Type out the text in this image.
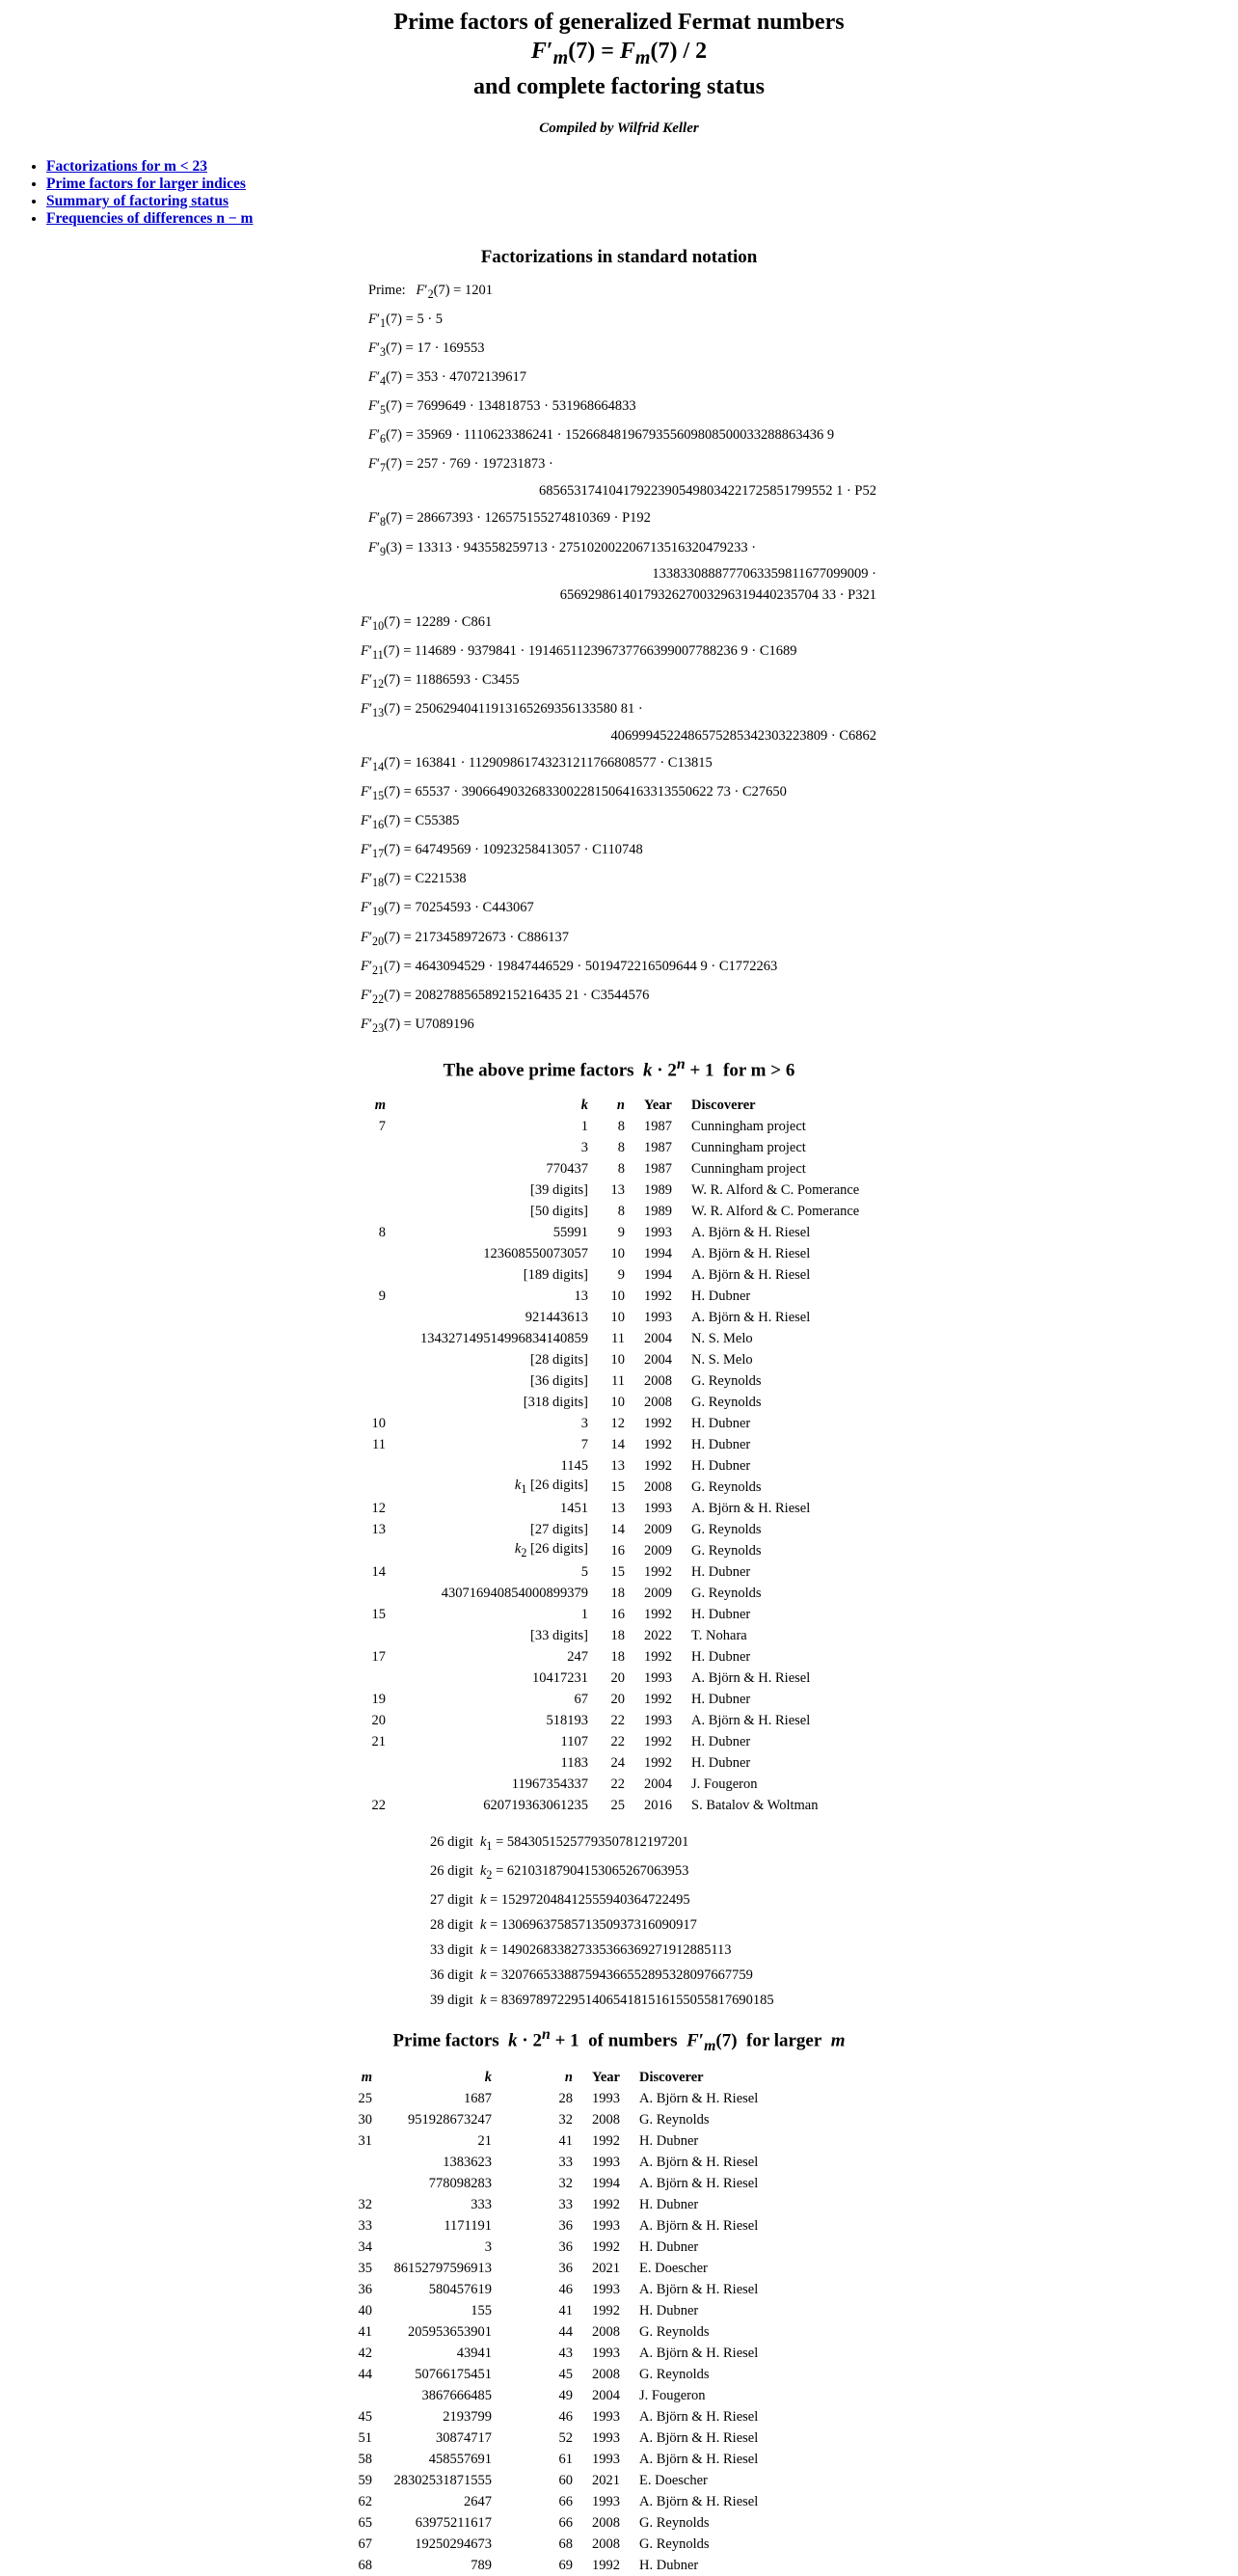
Prime factors of generalized Fermat numbers
$F'_m(7) = F_m(7) / 2$
and complete factoring status
Compiled by Wilfrid Keller
• Factorizations for m < 23
• Prime factors for larger indices
• Summary of factoring status
• Frequencies of differences n − m
Factorizations in standard notation
Prime: $F'_2(7) = 1201$
$F'_1(7) = 5 \cdot 5$
$F'_3(7) = 17 \cdot 169553$
$F'_4(7) = 353 \cdot 47072139617$
$F'_5(7) = 7699649 \cdot 134818753 \cdot 531968664833$
$F'_6(7) = 35969 \cdot 1110623386241 \cdot 1526684819679355609808500033288863436$ 9
$F'_7(7) = 257 \cdot 769 \cdot 197231873$ ·
685653174104179223905498034221725851799552 1 · P52
$F'_8(7) = 28667393 \cdot 126575155274810369 \cdot P192$
$F'_9(3) = 13313 \cdot 943558259713 \cdot 275102002206713516320479233$ ·
1338330888777063359811677099009 ·
6569298614017932627003296319440235704 33 · P321
$F'_{10}(7) = 12289 \cdot C861$
$F'_{11}(7) = 114689 \cdot 9379841 \cdot 191465112396737766399007788236$ 9 · C1689
$F'_{12}(7) = 11886593 \cdot C3455$
$F'_{13}(7) = 25062940411913165269356133580$ 81 ·
4069994522486575285342303223809 · C6862
$F'_{14}(7) = 163841 \cdot 112909861743231211766808577 \cdot C13815$
$F'_{15}(7) = 65537 \cdot 390664903268330022815064163313550622$ 73 · C27650
$F'_{16}(7) = C55385$
$F'_{17}(7) = 64749569 \cdot 10923258413057 \cdot C110748$
$F'_{18}(7) = C221538$
$F'_{19}(7) = 70254593 \cdot C443067$
$F'_{20}(7) = 2173458972673 \cdot C886137$
$F'_{21}(7) = 4643094529 \cdot 19847446529 \cdot 5019472216509644$ 9 · C1772263
$F'_{22}(7) = 208278856589215216435$ 21 · C3544576
$F'_{23}(7) = U7089196$
The above prime factors $k \cdot 2^n + 1$  for m > 6
m	k	n	Year	Discoverer
7	1	8	1987	Cunningham project
	3	8	1987	Cunningham project
	770437	8	1987	Cunningham project
	[39 digits]	13	1989	W. R. Alford & C. Pomerance
	[50 digits]	8	1989	W. R. Alford & C. Pomerance
8	55991	9	1993	A. Björn & H. Riesel
	123608550073057	10	1994	A. Björn & H. Riesel
	[189 digits]	9	1994	A. Björn & H. Riesel
9	13	10	1992	H. Dubner
	921443613	10	1993	A. Björn & H. Riesel
	134327149514996834140859	11	2004	N. S. Melo
	[28 digits]	10	2004	N. S. Melo
	[36 digits]	11	2008	G. Reynolds
	[318 digits]	10	2008	G. Reynolds
10	3	12	1992	H. Dubner
11	7	14	1992	H. Dubner
	1145	13	1992	H. Dubner
	$k_1$ [26 digits]	15	2008	G. Reynolds
12	1451	13	1993	A. Björn & H. Riesel
13	[27 digits]	14	2009	G. Reynolds
	$k_2$ [26 digits]	16	2009	G. Reynolds
14	5	15	1992	H. Dubner
	430716940854000899379	18	2009	G. Reynolds
15	1	16	1992	H. Dubner
	[33 digits]	18	2022	T. Nohara
17	247	18	1992	H. Dubner
	10417231	20	1993	A. Björn & H. Riesel
19	67	20	1992	H. Dubner
20	518193	22	1993	A. Björn & H. Riesel
21	1107	22	1992	H. Dubner
	1183	24	1992	H. Dubner
	11967354337	22	2004	J. Fougeron
22	620719363061235	25	2016	S. Batalov & Woltman
26 digit $k_1 = 58430515257793507812197201$
26 digit $k_2 = 62103187904153065267063953$
27 digit k = 152972048412555940364722495
28 digit k = 1306963758571350937316090917
33 digit k = 149026833827335366369271912885113
36 digit k = 320766533887594366552895328097667759
39 digit k = 836978972295140654181516155055817690185
Prime factors $k \cdot 2^n + 1$  of numbers $F'_m(7)$  for larger m
m	k	n	Year	Discoverer
25	1687	28	1993	A. Björn & H. Riesel
30	951928673247	32	2008	G. Reynolds
31	21	41	1992	H. Dubner
	1383623	33	1993	A. Björn & H. Riesel
	778098283	32	1994	A. Björn & H. Riesel
32	333	33	1992	H. Dubner
33	1171191	36	1993	A. Björn & H. Riesel
34	3	36	1992	H. Dubner
35	86152797596913	36	2021	E. Doescher
36	580457619	46	1993	A. Björn & H. Riesel
40	155	41	1992	H. Dubner
41	205953653901	44	2008	G. Reynolds
42	43941	43	1993	A. Björn & H. Riesel
44	50766175451	45	2008	G. Reynolds
	3867666485	49	2004	J. Fougeron
45	2193799	46	1993	A. Björn & H. Riesel
51	30874717	52	1993	A. Björn & H. Riesel
58	458557691	61	1993	A. Björn & H. Riesel
59	28302531871555	60	2021	E. Doescher
62	2647	66	1993	A. Björn & H. Riesel
65	63975211617	66	2008	G. Reynolds
67	19250294673	68	2008	G. Reynolds
68	789	69	1992	H. Dubner
